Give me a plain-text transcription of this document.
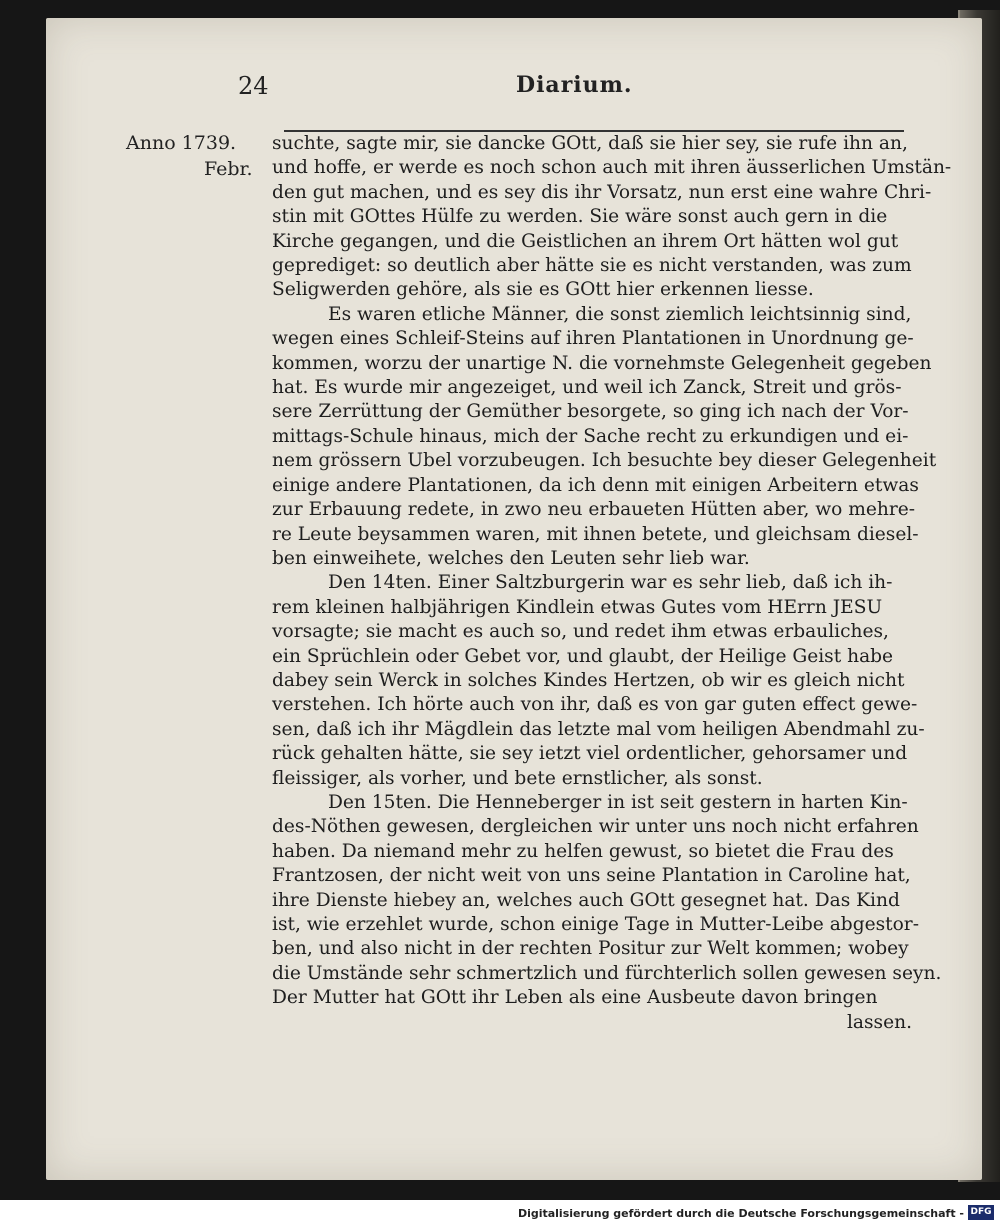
24	Diarium.
Anno 1739.
Febr.
suchte, sagte mir, sie dancke GOtt, daß sie hier sey, sie rufe ihn an,
und hoffe, er werde es noch schon auch mit ihren äusserlichen Umstän-
den gut machen, und es sey dis ihr Vorsatz, nun erst eine wahre Chri-
stin mit GOttes Hülfe zu werden. Sie wäre sonst auch gern in die
Kirche gegangen, und die Geistlichen an ihrem Ort hätten wol gut
geprediget: so deutlich aber hätte sie es nicht verstanden, was zum
Seligwerden gehöre, als sie es GOtt hier erkennen liesse.
Es waren etliche Männer, die sonst ziemlich leichtsinnig sind,
wegen eines Schleif-Steins auf ihren Plantationen in Unordnung ge-
kommen, worzu der unartige N. die vornehmste Gelegenheit gegeben
hat. Es wurde mir angezeiget, und weil ich Zanck, Streit und grös-
sere Zerrüttung der Gemüther besorgete, so ging ich nach der Vor-
mittags-Schule hinaus, mich der Sache recht zu erkundigen und ei-
nem grössern Ubel vorzubeugen. Ich besuchte bey dieser Gelegenheit
einige andere Plantationen, da ich denn mit einigen Arbeitern etwas
zur Erbauung redete, in zwo neu erbaueten Hütten aber, wo mehre-
re Leute beysammen waren, mit ihnen betete, und gleichsam diesel-
ben einweihete, welches den Leuten sehr lieb war.
Den 14ten. Einer Saltzburgerin war es sehr lieb, daß ich ih-
rem kleinen halbjährigen Kindlein etwas Gutes vom HErrn JESU
vorsagte; sie macht es auch so, und redet ihm etwas erbauliches,
ein Sprüchlein oder Gebet vor, und glaubt, der Heilige Geist habe
dabey sein Werck in solches Kindes Hertzen, ob wir es gleich nicht
verstehen. Ich hörte auch von ihr, daß es von gar guten effect gewe-
sen, daß ich ihr Mägdlein das letzte mal vom heiligen Abendmahl zu-
rück gehalten hätte, sie sey ietzt viel ordentlicher, gehorsamer und
fleissiger, als vorher, und bete ernstlicher, als sonst.
Den 15ten. Die Henneberger in ist seit gestern in harten Kin-
des-Nöthen gewesen, dergleichen wir unter uns noch nicht erfahren
haben. Da niemand mehr zu helfen gewust, so bietet die Frau des
Frantzosen, der nicht weit von uns seine Plantation in Caroline hat,
ihre Dienste hiebey an, welches auch GOtt gesegnet hat. Das Kind
ist, wie erzehlet wurde, schon einige Tage in Mutter-Leibe abgestor-
ben, und also nicht in der rechten Positur zur Welt kommen; wobey
die Umstände sehr schmertzlich und fürchterlich sollen gewesen seyn.
Der Mutter hat GOtt ihr Leben als eine Ausbeute davon bringen
lassen.
Digitalisierung gefördert durch die Deutsche Forschungsgemeinschaft - DFG
